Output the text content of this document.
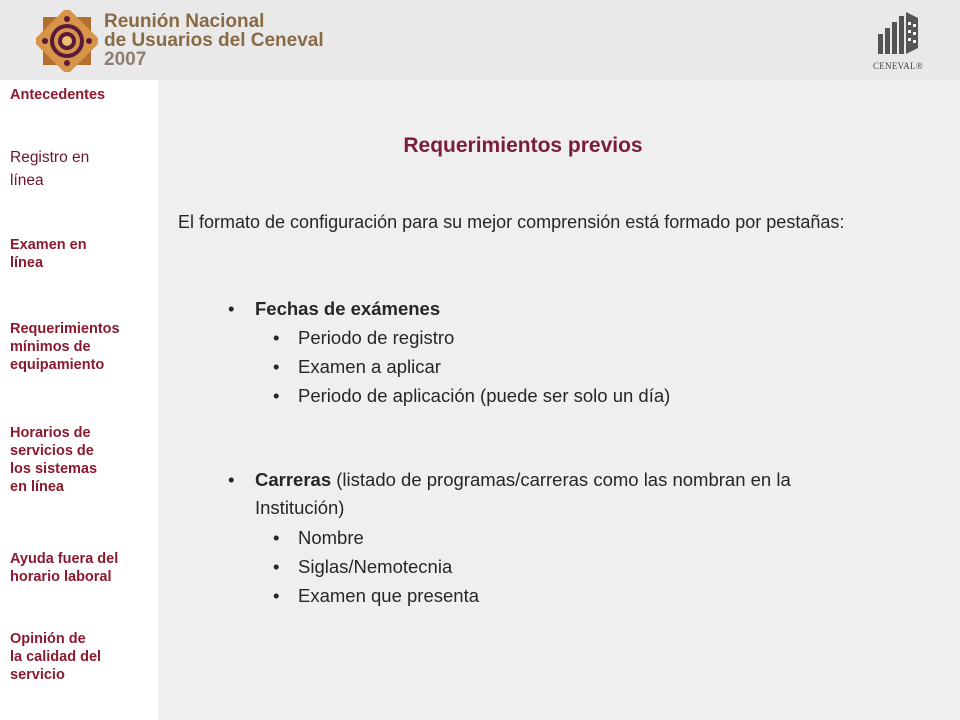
Reunión Nacional
de Usuarios del Ceneval
2007	CENEVAL®
Antecedentes
Registro en
línea
Examen en
línea
Requerimientos
mínimos de
equipamiento
Horarios de
servicios de
los sistemas
en línea
Ayuda fuera del
horario laboral
Opinión de
la calidad del
servicio
Requerimientos previos
El formato de configuración para su mejor comprensión está formado por pestañas:
• Fechas de exámenes
• Periodo de registro
• Examen a aplicar
• Periodo de aplicación (puede ser solo un día)
• Carreras (listado de programas/carreras como las nombran en la Institución)
• Nombre
• Siglas/Nemotecnia
• Examen que presenta
